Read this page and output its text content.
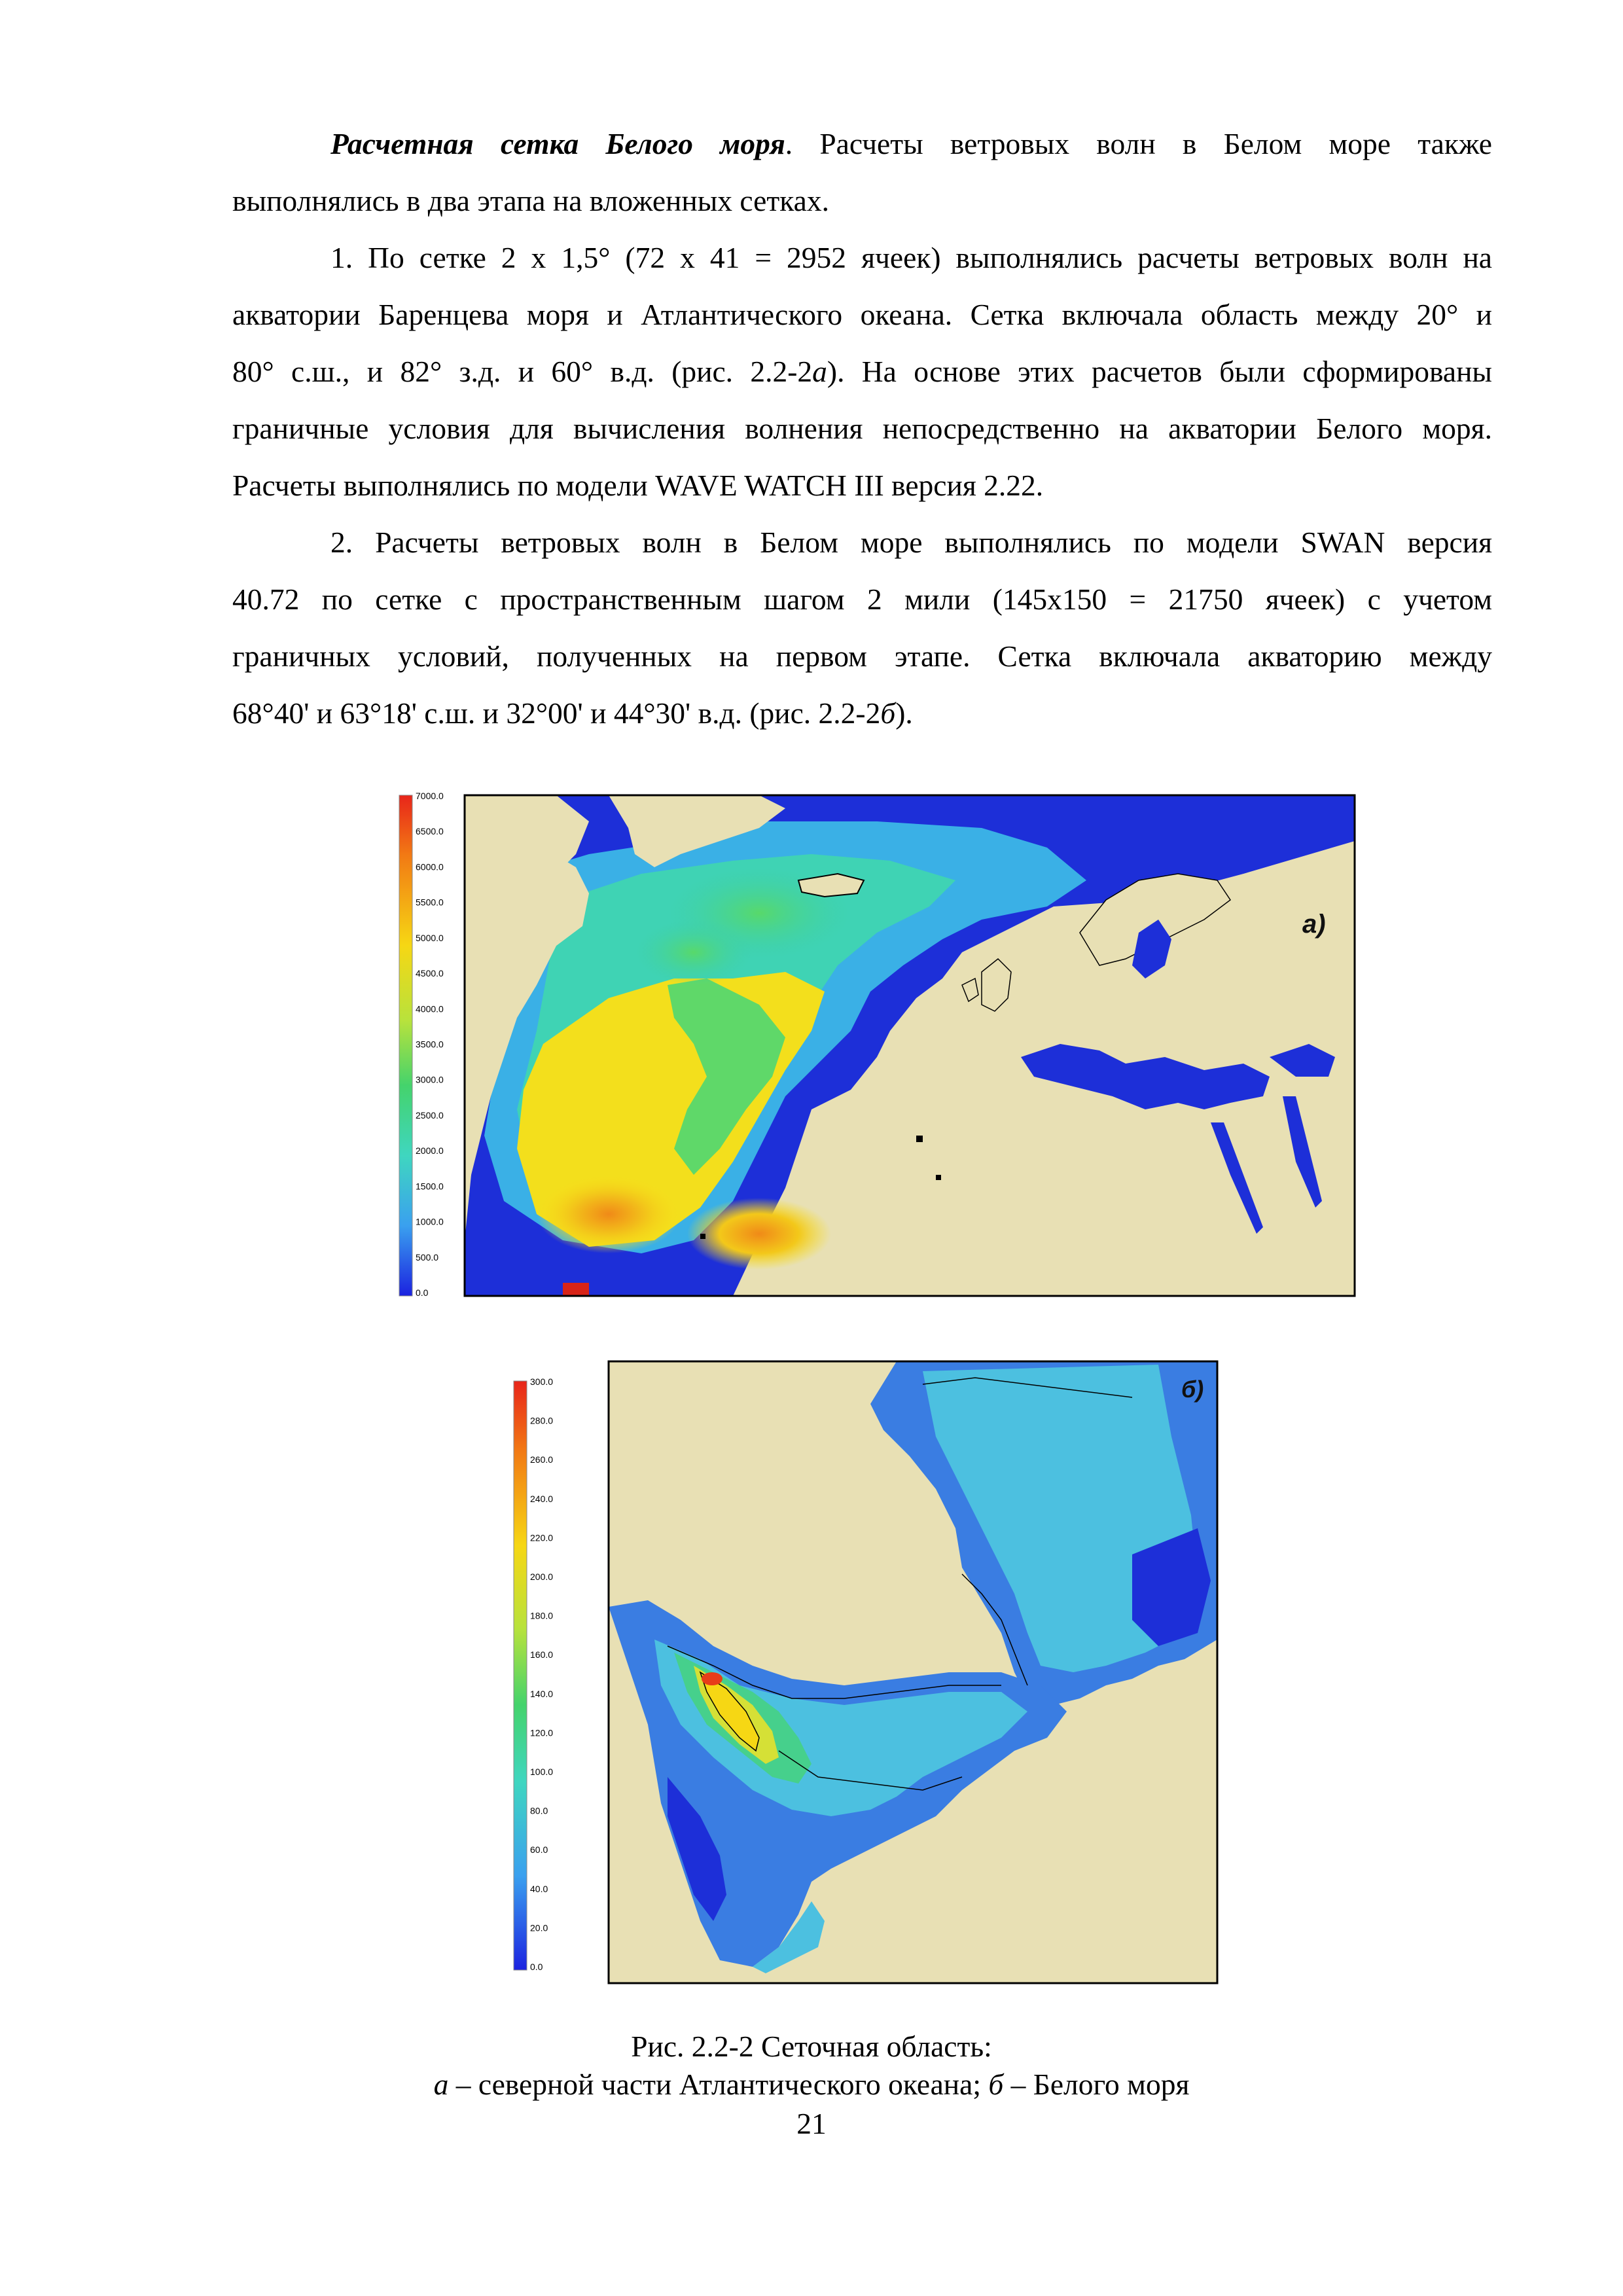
Расчетная сетка Белого моря. Расчеты ветровых волн в Белом море также
выполнялись в два этапа на вложенных сетках.
1. По сетке 2 х 1,5° (72 х 41 = 2952 ячеек) выполнялись расчеты ветровых волн на
акватории Баренцева моря и Атлантического океана. Сетка включала область между 20° и
80° с.ш., и 82° з.д. и 60° в.д. (рис. 2.2-2а). На основе этих расчетов были сформированы
граничные условия для вычисления волнения непосредственно на акватории Белого моря.
Расчеты выполнялись по модели WAVE WATCH III версия 2.22.
2. Расчеты ветровых волн в Белом море выполнялись по модели SWAN версия
40.72 по сетке с пространственным шагом 2 мили (145х150 = 21750 ячеек) с учетом
граничных условий, полученных на первом этапе. Сетка включала акваторию между
68°40' и 63°18' с.ш. и 32°00' и 44°30' в.д. (рис. 2.2-2б).
7000.0
6500.0
6000.0
5500.0
5000.0
4500.0
4000.0
3500.0
3000.0
2500.0
2000.0
1500.0
1000.0
500.0
0.0
а)
300.0
280.0
260.0
240.0
220.0
200.0
180.0
160.0
140.0
120.0
100.0
80.0
60.0
40.0
20.0
0.0
б)
Рис. 2.2-2 Сеточная область:
а – северной части Атлантического океана; б – Белого моря
21
